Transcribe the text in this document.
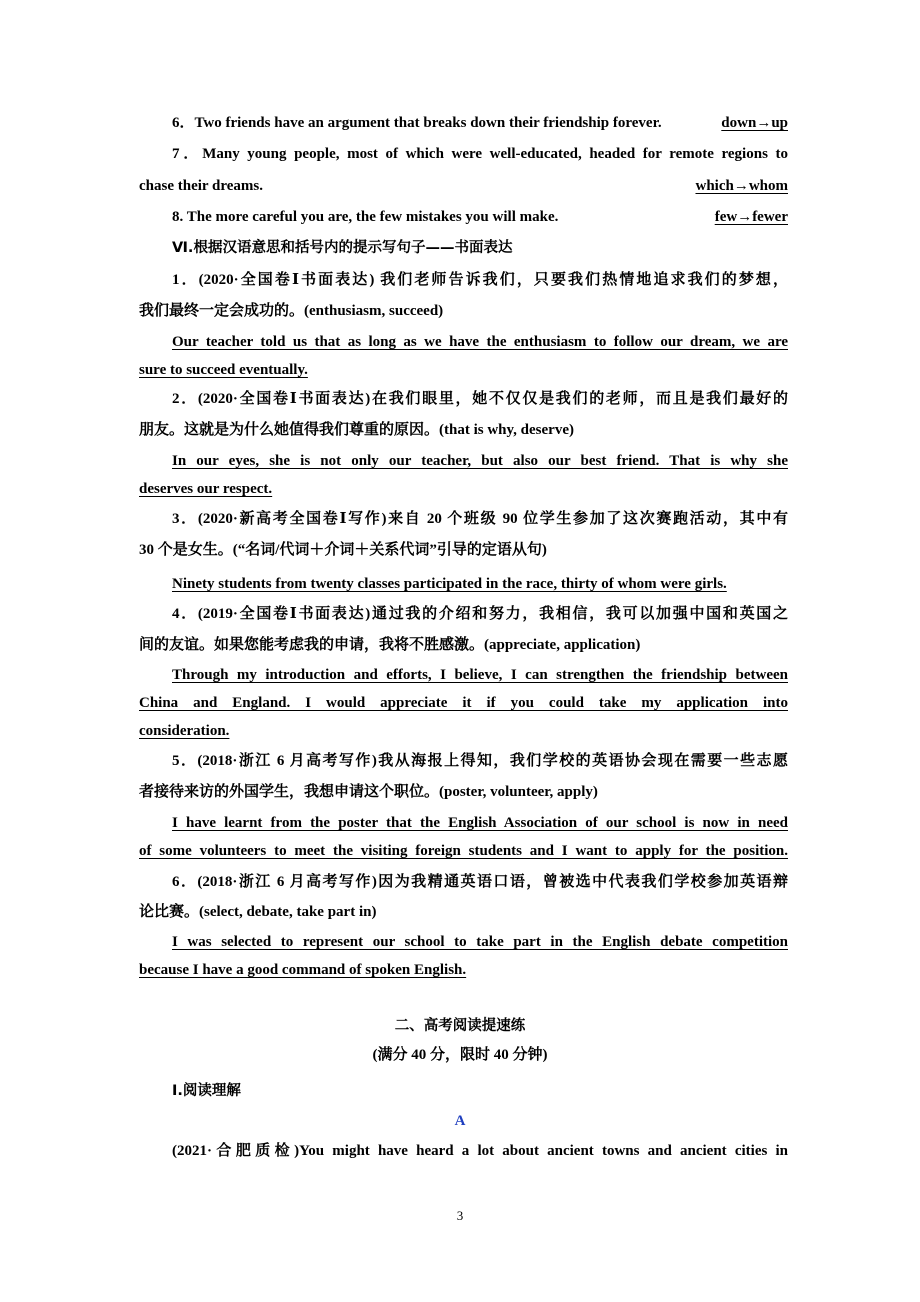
6．Two friends have an argument that breaks down their friendship forever.	down→up
7．Many young people, most of which were well-educated, headed for remote regions to
chase their dreams.	which→whom
8. The more careful you are, the few mistakes you will make.	few→fewer
Ⅵ.根据汉语意思和括号内的提示写句子——书面表达
1．(2020·全国卷Ⅰ书面表达) 我们老师告诉我们，只要我们热情地追求我们的梦想，
我们最终一定会成功的。(enthusiasm, succeed)
Our teacher told us that as long as we have the enthusiasm to follow our dream, we are
sure to succeed eventually.
2．(2020·全国卷Ⅰ书面表达)在我们眼里，她不仅仅是我们的老师，而且是我们最好的
朋友。这就是为什么她值得我们尊重的原因。(that is why, deserve)
In our eyes, she is not only our teacher, but also our best friend. That is why she
deserves our respect.
3．(2020·新高考全国卷Ⅰ写作)来自 20 个班级 90 位学生参加了这次赛跑活动，其中有
30 个是女生。(“名词/代词＋介词＋关系代词”引导的定语从句)
Ninety students from twenty classes participated in the race, thirty of whom were girls.
4．(2019·全国卷Ⅰ书面表达)通过我的介绍和努力，我相信，我可以加强中国和英国之
间的友谊。如果您能考虑我的申请，我将不胜感激。(appreciate, application)
Through my introduction and efforts, I believe, I can strengthen the friendship between
China and England. I would appreciate it if you could take my application into
consideration.
5．(2018·浙江 6 月高考写作)我从海报上得知，我们学校的英语协会现在需要一些志愿
者接待来访的外国学生，我想申请这个职位。(poster, volunteer, apply)
I have learnt from the poster that the English Association of our school is now in need
of some volunteers to meet the visiting foreign students and I want to apply for the position.
6．(2018·浙江 6 月高考写作)因为我精通英语口语，曾被选中代表我们学校参加英语辩
论比赛。(select, debate, take part in)
I was selected to represent our school to take part in the English debate competition
because I have a good command of spoken English.
二、高考阅读提速练
(满分 40 分，限时 40 分钟)
Ⅰ.阅读理解
A
(2021·合肥质检)You might have heard a lot about ancient towns and ancient cities in
3
